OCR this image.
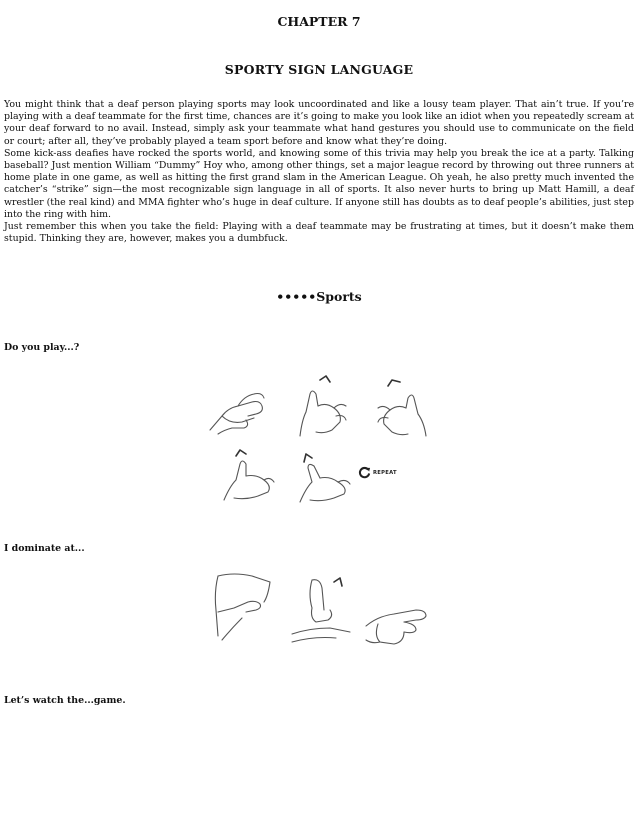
CHAPTER 7
SPORTY SIGN LANGUAGE

You might think that a deaf person playing sports may look uncoordinated and like a lousy team player. That ain’t true. If you’re playing with a deaf teammate for the first time, chances are it’s going to make you look like an idiot when you repeatedly scream at your deaf forward to no avail. Instead, simply ask your teammate what hand gestures you should use to communicate on the field or court; after all, they’ve probably played a team sport before and know what they’re doing.

Some kick-ass deafies have rocked the sports world, and knowing some of this trivia may help you break the ice at a party. Talking baseball? Just mention William “Dummy” Hoy who, among other things, set a major league record by throwing out three runners at home plate in one game, as well as hitting the first grand slam in the American League. Oh yeah, he also pretty much invented the catcher’s “strike” sign—the most recognizable sign language in all of sports. It also never hurts to bring up Matt Hamill, a deaf wrestler (the real kind) and MMA fighter who’s huge in deaf culture. If anyone still has doubts as to deaf people’s abilities, just step into the ring with him.

Just remember this when you take the field: Playing with a deaf teammate may be frustrating at times, but it doesn’t make them stupid. Thinking they are, however, makes you a dumbfuck.

•••••Sports
Do you play...?
I dominate at...
Let’s watch the...game.
REPEAT
